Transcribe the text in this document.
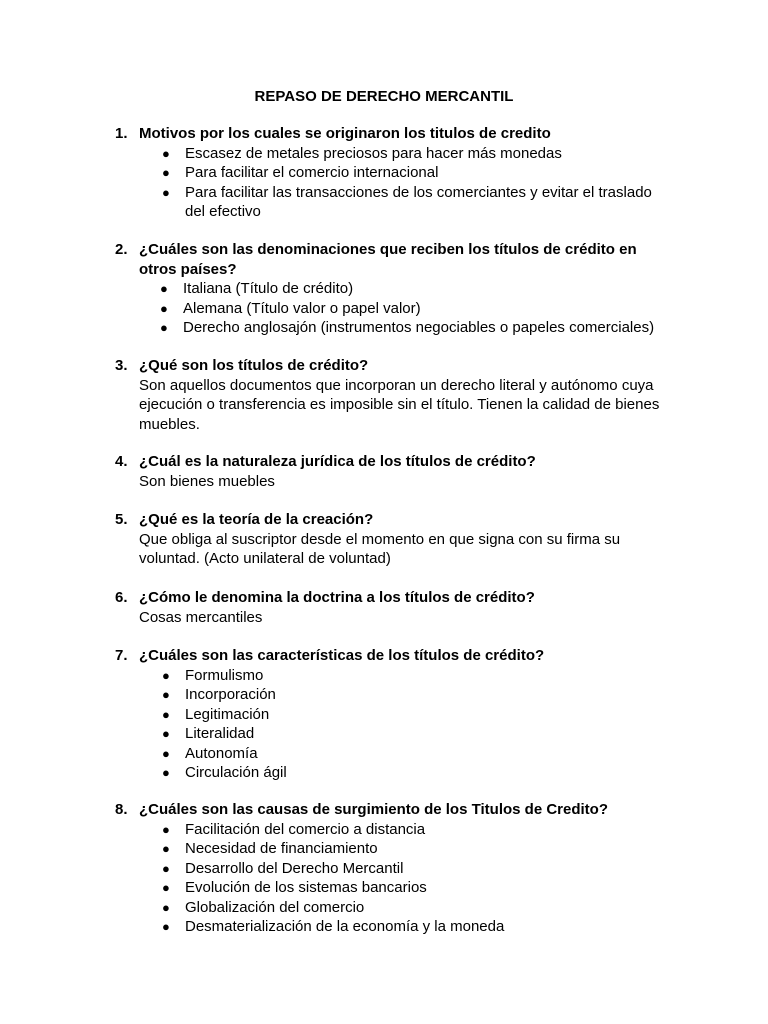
REPASO DE DERECHO MERCANTIL
1. Motivos por los cuales se originaron los titulos de credito
● Escasez de metales preciosos para hacer más monedas
● Para facilitar el comercio internacional
● Para facilitar las transacciones de los comerciantes y evitar el traslado del efectivo
2. ¿Cuáles son las denominaciones que reciben los títulos de crédito en otros países?
● Italiana (Título de crédito)
● Alemana (Título valor o papel valor)
● Derecho anglosajón (instrumentos negociables o papeles comerciales)
3. ¿Qué son los títulos de crédito?
Son aquellos documentos que incorporan un derecho literal y autónomo cuya ejecución o transferencia es imposible sin el título. Tienen la calidad de bienes muebles.
4. ¿Cuál es la naturaleza jurídica de los títulos de crédito?
Son bienes muebles
5. ¿Qué es la teoría de la creación?
Que obliga al suscriptor desde el momento en que signa con su firma su voluntad. (Acto unilateral de voluntad)
6. ¿Cómo le denomina la doctrina a los títulos de crédito?
Cosas mercantiles
7. ¿Cuáles son las características de los títulos de crédito?
● Formulismo
● Incorporación
● Legitimación
● Literalidad
● Autonomía
● Circulación ágil
8. ¿Cuáles son las causas de surgimiento de los Titulos de Credito?
● Facilitación del comercio a distancia
● Necesidad de financiamiento
● Desarrollo del Derecho Mercantil
● Evolución de los sistemas bancarios
● Globalización del comercio
● Desmaterialización de la economía y la moneda
